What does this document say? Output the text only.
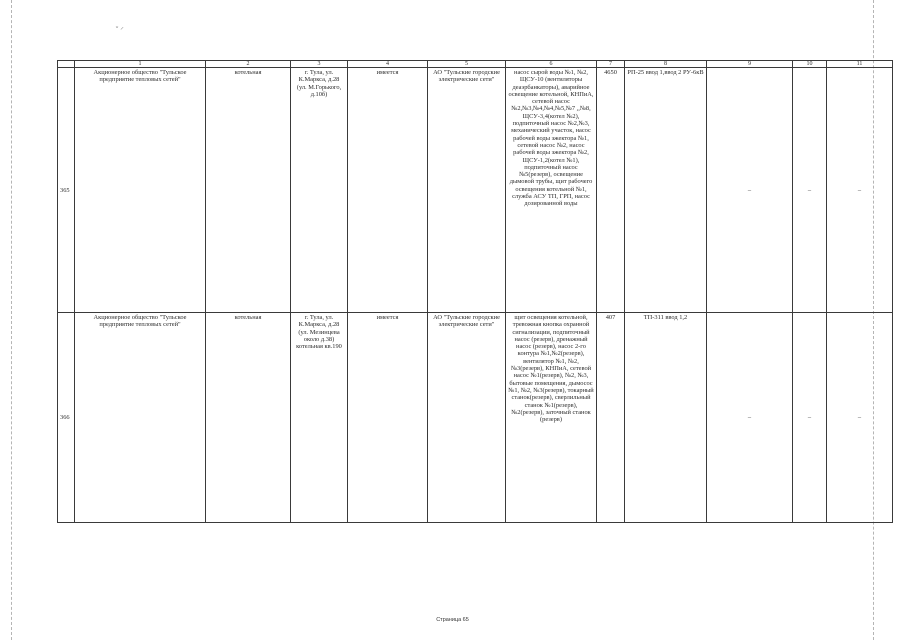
˘ ⸍
	1	2	3	4	5	6	7	8	9	10	11
365	Акционерное общество "Тульское предприятие тепловых сетей"	котельная	г. Тула, ул. К.Маркса, д.28 (ул. М.Горького, д.10б)	имеется	АО "Тульские городские электрические сети"	насос сырой воды №1, №2, ЩСУ-10 (вентиляторы деаэрбанкаторы), аварийное освещение котельной, КНПиА, сетевой насос №2,№3,№4,№4,№5,№7 ,,№8, ЩСУ-3,4(котел №2), подпиточный насос №2,№3, механический участок, насос рабочей воды эжектора №1, сетевой насос №2, насос рабочей воды эжектора №2, ЩСУ-1,2(котел №1), подпиточный насос №5(резерв), освещение дымовой трубы, щит рабочего освещения котельной №1, служба АСУ ТП, ГРП, насос дозированной воды	4650	РП-25 ввод 1,ввод 2 РУ-6кВ	–	–	–
366	Акционерное общество "Тульское предприятие тепловых сетей"	котельная	г. Тула, ул. К.Маркса, д.28 (ул. Мезинцева около д.38) котельная кв.190	имеется	АО "Тульские городские электрические сети"	щит освещения котельной, тревожная кнопка охранной сигнализации, подпиточный насос (резерв), дренажный насос (резерв), насос 2-го контура №1,№2(резерв), вентилятор №1, №2, №3(резерв), КНПиА, сетевой насос №1(резерв), №2, №3, бытовые помещения, дымосос №1, №2, №3(резерв), токарный станок(резерв), сверлильный станок №1(резерв), №2(резерв), заточный станок (резерв)	407	ТП-311 ввод 1,2	–	–	–
Страница 65
